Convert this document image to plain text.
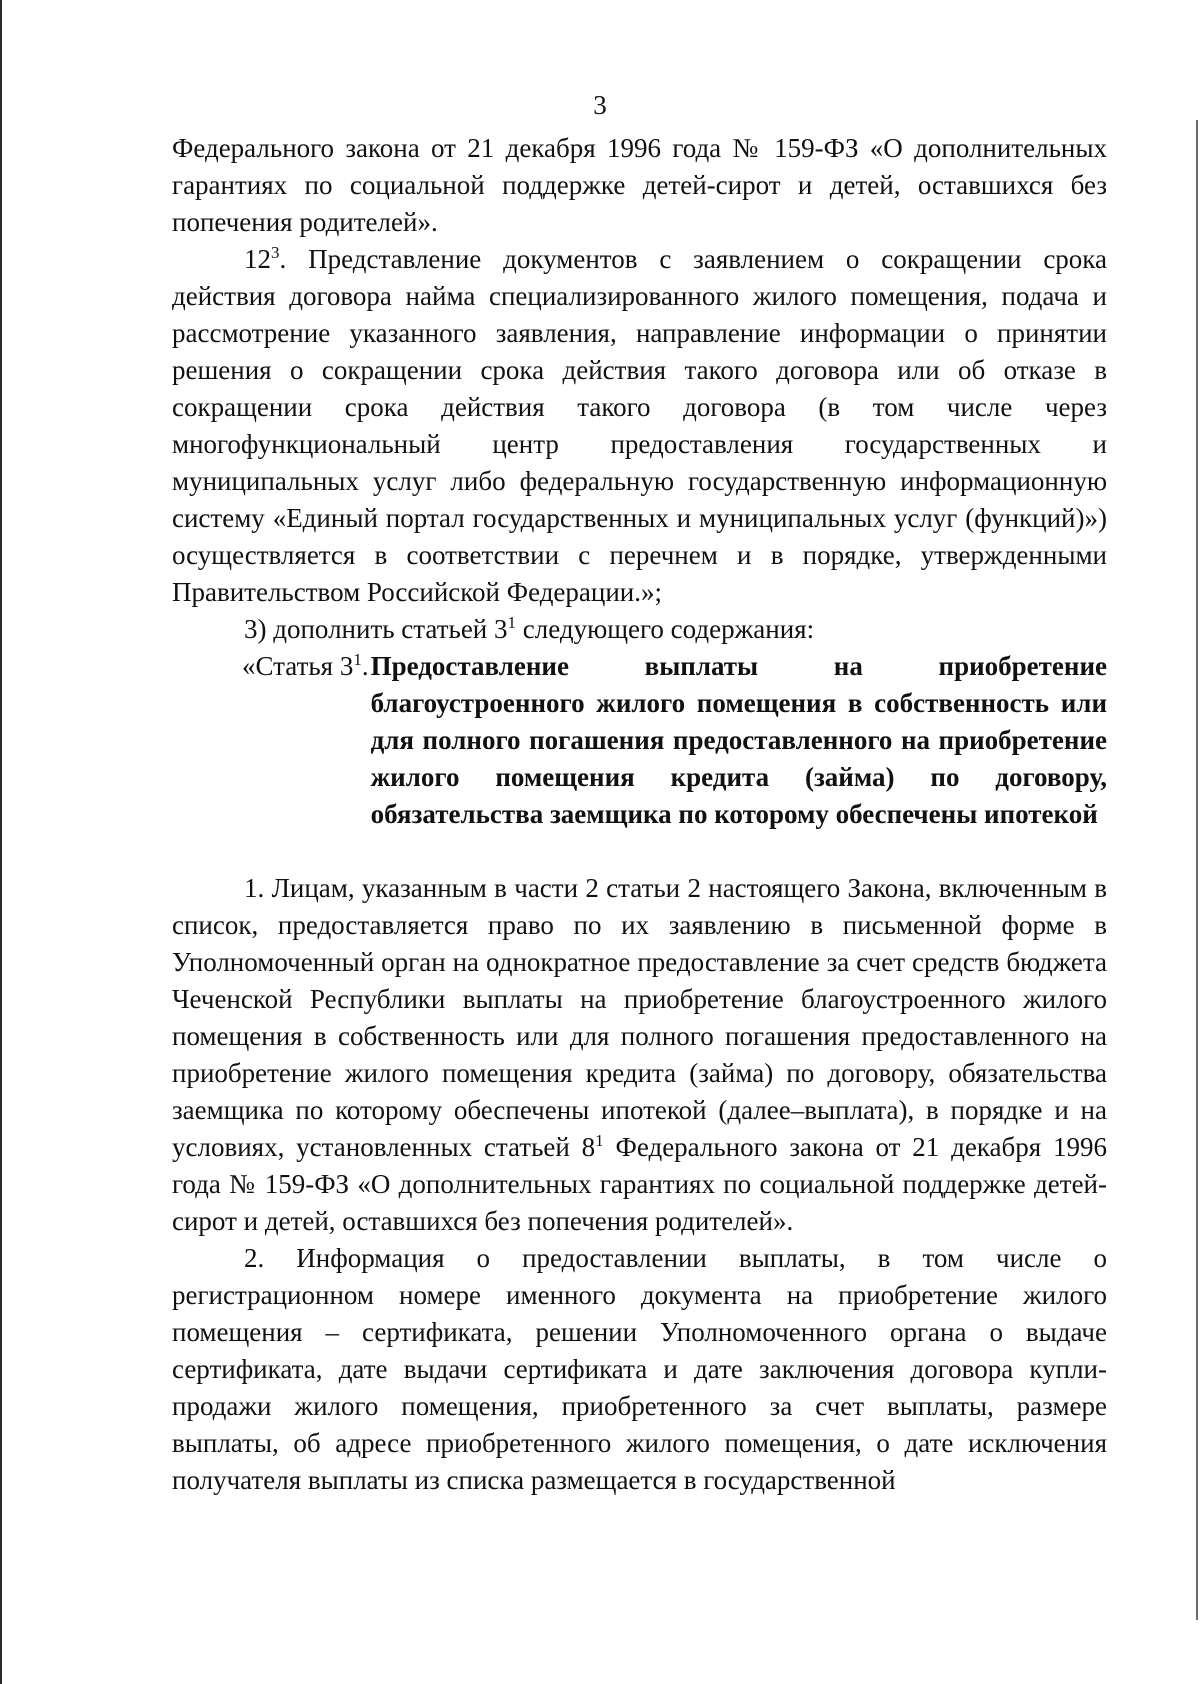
3

Федерального закона от 21 декабря 1996 года № 159-ФЗ «О дополнительных гарантиях по социальной поддержке детей-сирот и детей, оставшихся без попечения родителей».

$12^3$. Представление документов с заявлением о сокращении срока действия договора найма специализированного жилого помещения, подача и рассмотрение указанного заявления, направление информации о принятии решения о сокращении срока действия такого договора или об отказе в сокращении срока действия такого договора (в том числе через многофункциональный центр предоставления государственных и муниципальных услуг либо федеральную государственную информационную систему «Единый портал государственных и муниципальных услуг (функций)») осуществляется в соответствии с перечнем и в порядке, утвержденными Правительством Российской Федерации.»;

3) дополнить статьей $3^1$ следующего содержания:

«Статья $3^1$. Предоставление выплаты на приобретение благоустроенного жилого помещения в собственность или для полного погашения предоставленного на приобретение жилого помещения кредита (займа) по договору, обязательства заемщика по которому обеспечены ипотекой

1. Лицам, указанным в части 2 статьи 2 настоящего Закона, включенным в список, предоставляется право по их заявлению в письменной форме в Уполномоченный орган на однократное предоставление за счет средств бюджета Чеченской Республики выплаты на приобретение благоустроенного жилого помещения в собственность или для полного погашения предоставленного на приобретение жилого помещения кредита (займа) по договору, обязательства заемщика по которому обеспечены ипотекой (далее–выплата), в порядке и на условиях, установленных статьей $8^1$ Федерального закона от 21 декабря 1996 года № 159-ФЗ «О дополнительных гарантиях по социальной поддержке детей-сирот и детей, оставшихся без попечения родителей».

2. Информация о предоставлении выплаты, в том числе о регистрационном номере именного документа на приобретение жилого помещения – сертификата, решении Уполномоченного органа о выдаче сертификата, дате выдачи сертификата и дате заключения договора купли-продажи жилого помещения, приобретенного за счет выплаты, размере выплаты, об адресе приобретенного жилого помещения, о дате исключения получателя выплаты из списка размещается в государственной
